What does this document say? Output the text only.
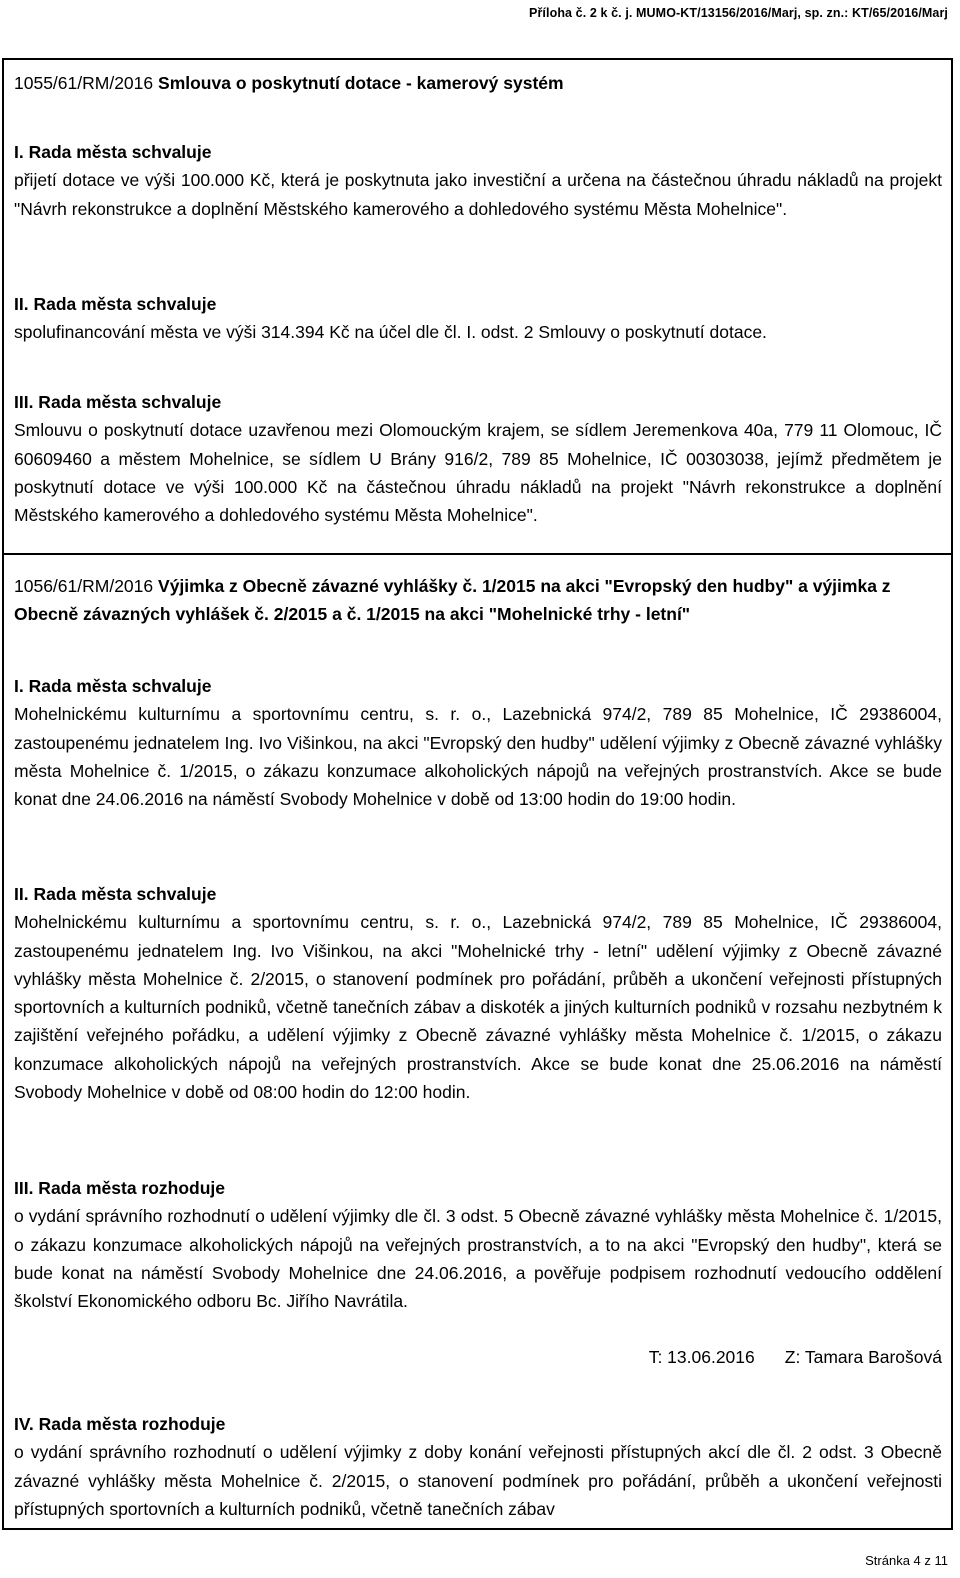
Příloha č. 2 k č. j. MUMO-KT/13156/2016/Marj, sp. zn.: KT/65/2016/Marj

1055/61/RM/2016 Smlouva o poskytnutí dotace - kamerový systém

I. Rada města schvaluje

přijetí dotace ve výši 100.000 Kč, která je poskytnuta jako investiční a určena na částečnou úhradu nákladů na projekt "Návrh rekonstrukce a doplnění Městského kamerového a dohledového systému Města Mohelnice".

II. Rada města schvaluje

spolufinancování města ve výši 314.394 Kč na účel dle čl. I. odst. 2 Smlouvy o poskytnutí dotace.

III. Rada města schvaluje

Smlouvu o poskytnutí dotace uzavřenou mezi Olomouckým krajem, se sídlem Jeremenkova 40a, 779 11 Olomouc, IČ 60609460 a městem Mohelnice, se sídlem U Brány 916/2, 789 85 Mohelnice, IČ 00303038, jejímž předmětem je poskytnutí dotace ve výši 100.000 Kč na částečnou úhradu nákladů na projekt "Návrh rekonstrukce a doplnění Městského kamerového a dohledového systému Města Mohelnice".

1056/61/RM/2016 Výjimka z Obecně závazné vyhlášky č. 1/2015 na akci "Evropský den hudby" a výjimka z Obecně závazných vyhlášek č. 2/2015 a č. 1/2015 na akci "Mohelnické trhy - letní"

I. Rada města schvaluje

Mohelnickému kulturnímu a sportovnímu centru, s. r. o., Lazebnická 974/2, 789 85 Mohelnice, IČ 29386004, zastoupenému jednatelem Ing. Ivo Višinkou, na akci "Evropský den hudby" udělení výjimky z Obecně závazné vyhlášky města Mohelnice č. 1/2015, o zákazu konzumace alkoholických nápojů na veřejných prostranstvích. Akce se bude konat dne 24.06.2016 na náměstí Svobody Mohelnice v době od 13:00 hodin do 19:00 hodin.

II. Rada města schvaluje

Mohelnickému kulturnímu a sportovnímu centru, s. r. o., Lazebnická 974/2, 789 85 Mohelnice, IČ 29386004, zastoupenému jednatelem Ing. Ivo Višinkou, na akci "Mohelnické trhy - letní" udělení výjimky z Obecně závazné vyhlášky města Mohelnice č. 2/2015, o stanovení podmínek pro pořádání, průběh a ukončení veřejnosti přístupných sportovních a kulturních podniků, včetně tanečních zábav a diskoték a jiných kulturních podniků v rozsahu nezbytném k zajištění veřejného pořádku, a udělení výjimky z Obecně závazné vyhlášky města Mohelnice č. 1/2015, o zákazu konzumace alkoholických nápojů na veřejných prostranstvích. Akce se bude konat dne 25.06.2016 na náměstí Svobody Mohelnice v době od 08:00 hodin do 12:00 hodin.

III. Rada města rozhoduje

o vydání správního rozhodnutí o udělení výjimky dle čl. 3 odst. 5 Obecně závazné vyhlášky města Mohelnice č. 1/2015, o zákazu konzumace alkoholických nápojů na veřejných prostranstvích, a to na akci "Evropský den hudby", která se bude konat na náměstí Svobody Mohelnice dne 24.06.2016, a pověřuje podpisem rozhodnutí vedoucího oddělení školství Ekonomického odboru Bc. Jiřího Navrátila.

T: 13.06.2016 Z: Tamara Barošová

IV. Rada města rozhoduje

o vydání správního rozhodnutí o udělení výjimky z doby konání veřejnosti přístupných akcí dle čl. 2 odst. 3 Obecně závazné vyhlášky města Mohelnice č. 2/2015, o stanovení podmínek pro pořádání, průběh a ukončení veřejnosti přístupných sportovních a kulturních podniků, včetně tanečních zábav

Stránka 4 z 11
